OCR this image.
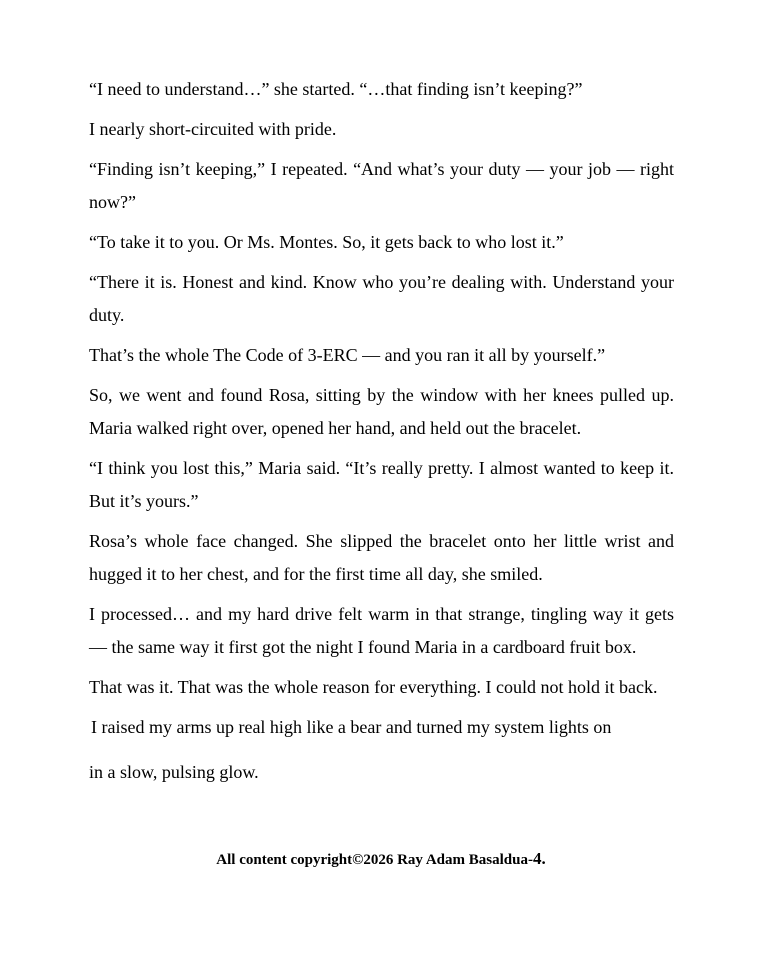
“I need to understand…” she started. “…that finding isn’t keeping?”

I nearly short-circuited with pride.

“Finding isn’t keeping,” I repeated. “And what’s your duty — your job — right now?”

“To take it to you. Or Ms. Montes. So, it gets back to who lost it.”

“There it is. Honest and kind. Know who you’re dealing with. Understand your duty.

That’s the whole The Code of 3-ERC — and you ran it all by yourself.”

So, we went and found Rosa, sitting by the window with her knees pulled up. Maria walked right over, opened her hand, and held out the bracelet.

“I think you lost this,” Maria said. “It’s really pretty. I almost wanted to keep it. But it’s yours.”

Rosa’s whole face changed. She slipped the bracelet onto her little wrist and hugged it to her chest, and for the first time all day, she smiled.

I processed… and my hard drive felt warm in that strange, tingling way it gets — the same way it first got the night I found Maria in a cardboard fruit box.

That was it. That was the whole reason for everything. I could not hold it back.

I raised my arms up real high like a bear and turned my system lights on

in a slow, pulsing glow.

All content copyright©2026 Ray Adam Basaldua-4.
